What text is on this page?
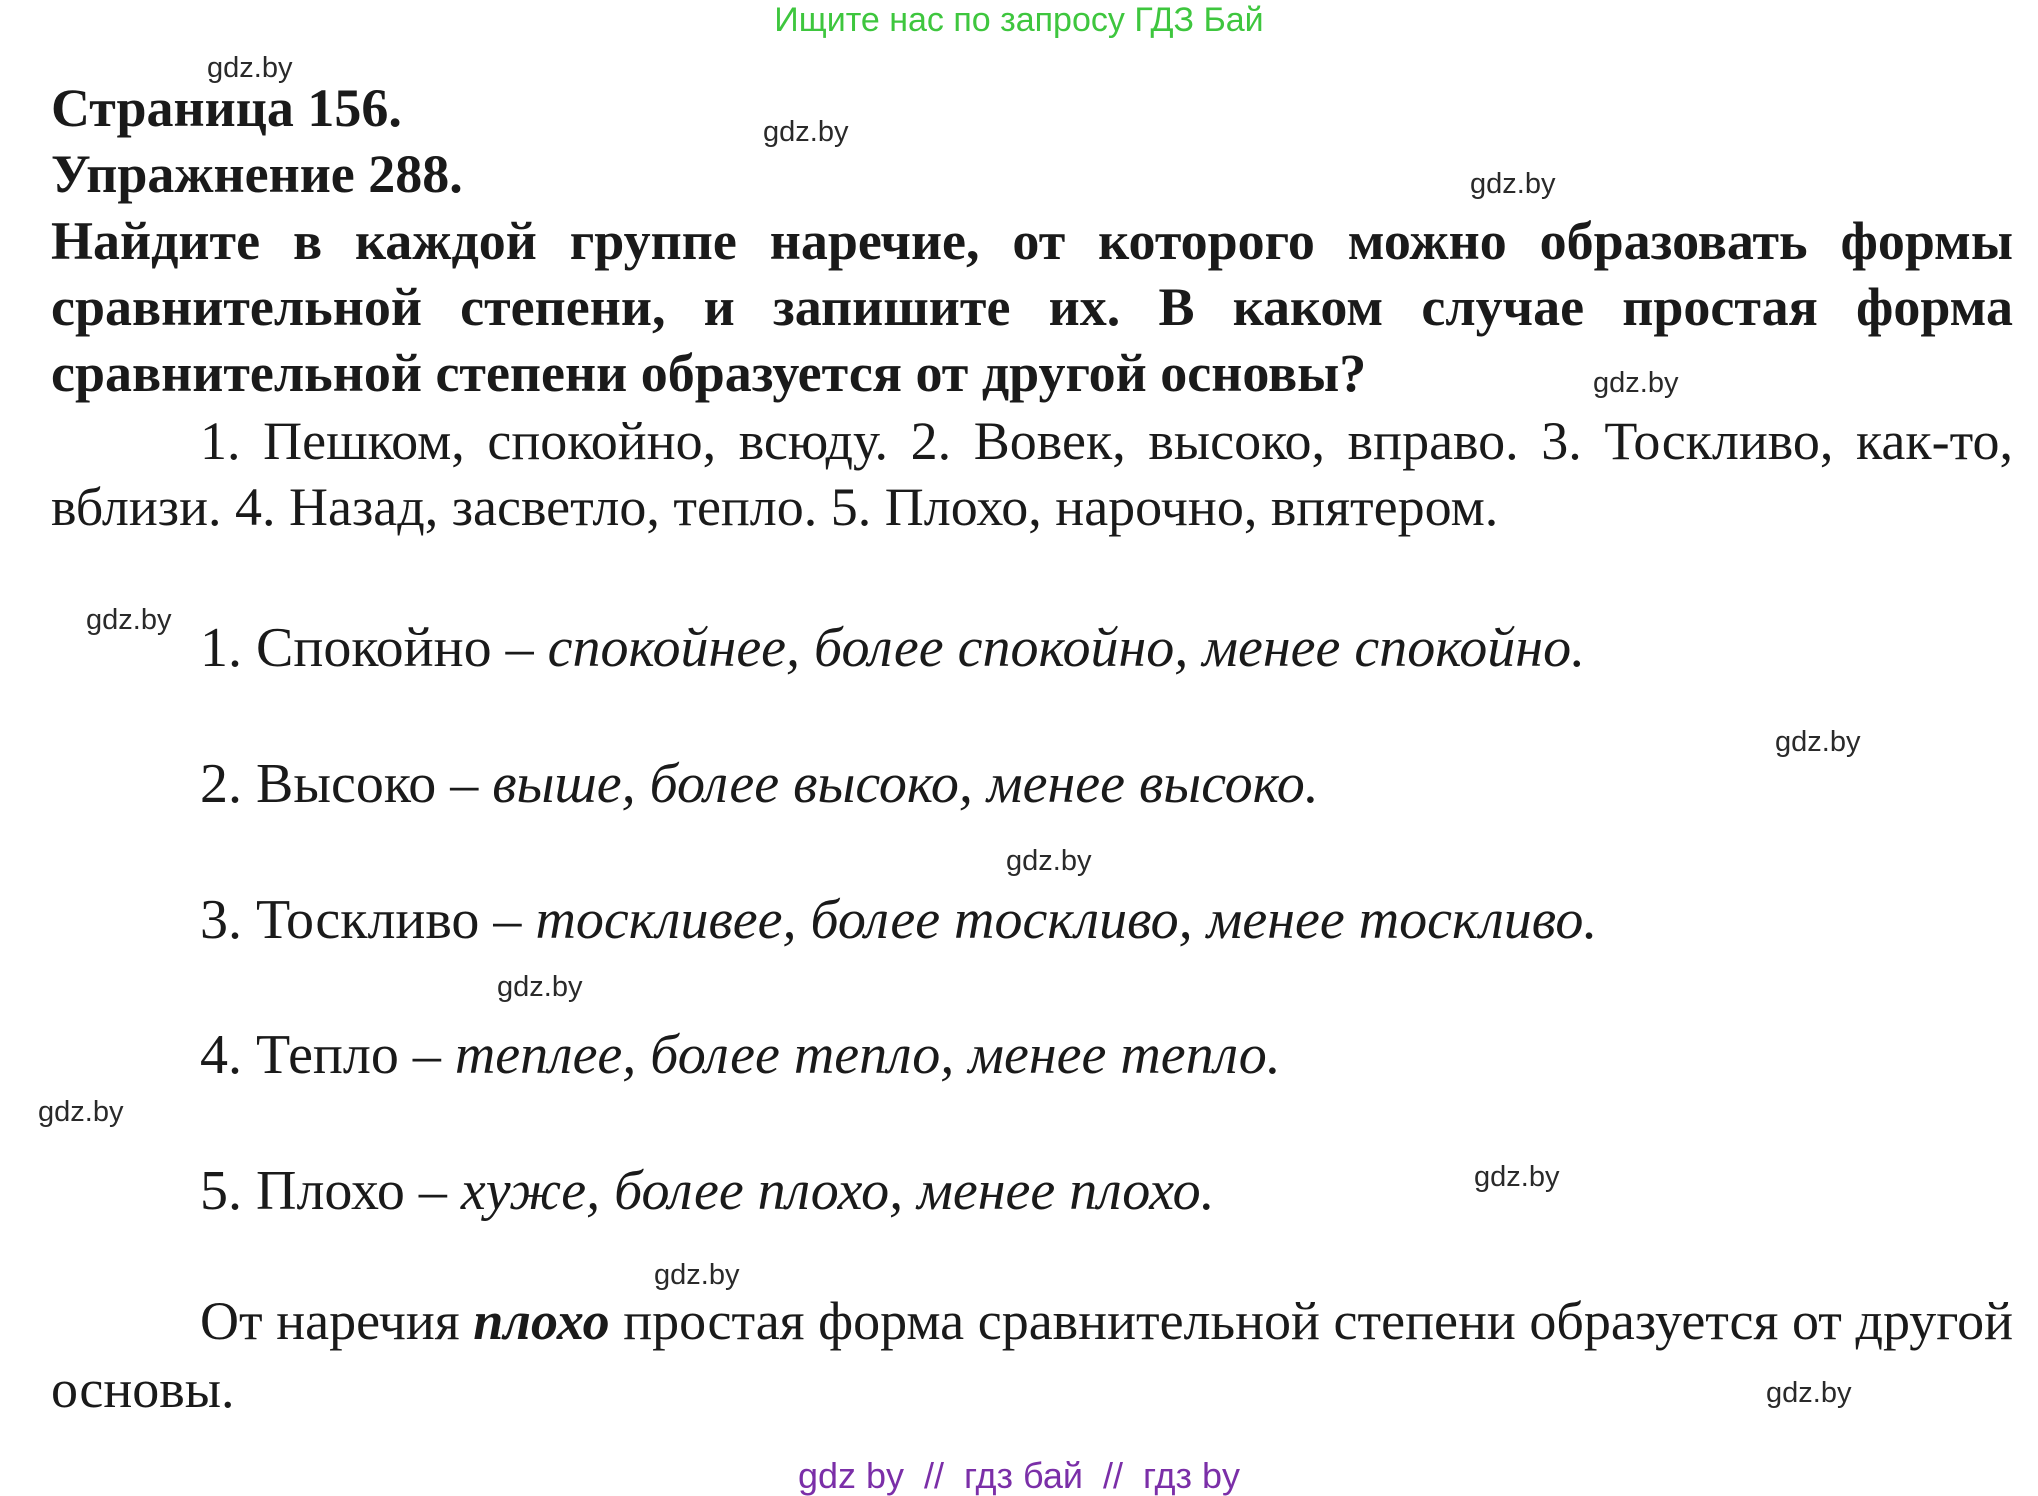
Ищите нас по запросу ГДЗ Бай
gdz.by
gdz.by
gdz.by
gdz.by
gdz.by
gdz.by
gdz.by
gdz.by
gdz.by
gdz.by
gdz.by
gdz.by
Страница 156.
Упражнение 288.
Найдите в каждой группе наречие, от которого можно образовать формы сравнительной степени, и запишите их. В каком случае простая форма сравнительной степени образуется от другой основы?
1. Пешком, спокойно, всюду. 2. Вовек, высоко, вправо. 3. Тоскливо, как-то, вблизи. 4. Назад, засветло, тепло. 5. Плохо, нарочно, впятером.
1. Спокойно – спокойнее
, более спокойно, менее спокойно.
2. Высоко – выше
, более высоко, менее высоко.
3. Тоскливо – тоскливее
, более тоскливо, менее тоскливо.
4. Тепло – теплее
, более тепло, менее тепло.
5. Плохо – хуже
, более плохо, менее плохо.
От наречия плохо простая форма сравнительной степени образуется от другой основы.
gdz by  //  гдз бай  //  гдз by
